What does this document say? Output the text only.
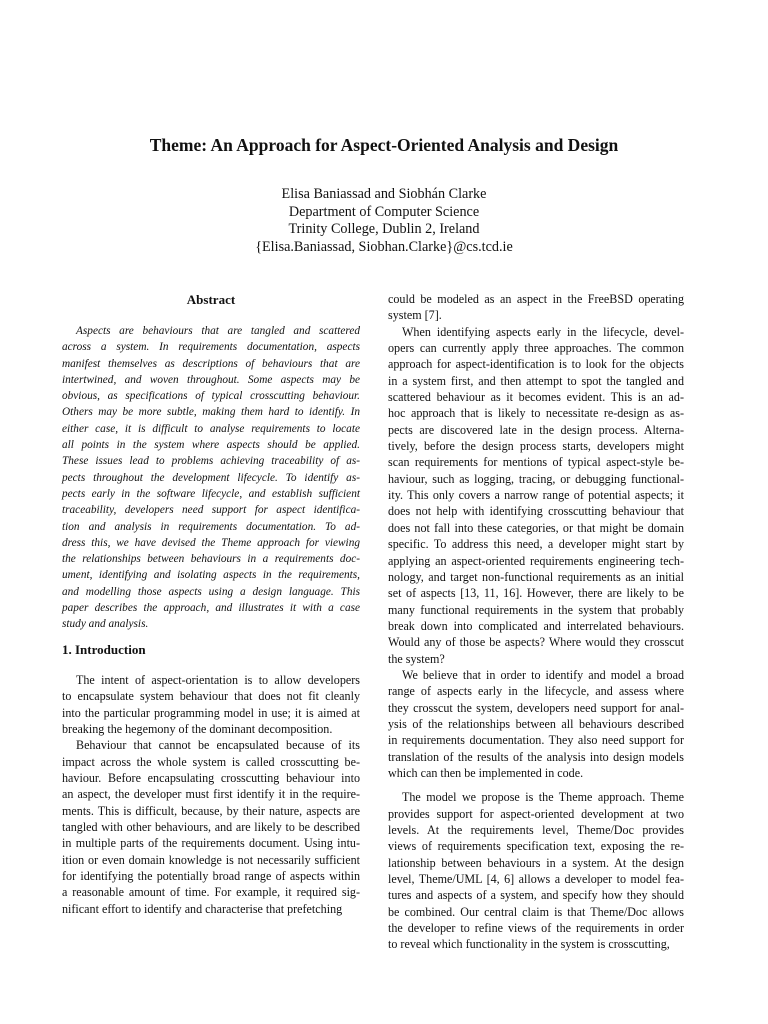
Theme: An Approach for Aspect-Oriented Analysis and Design
Elisa Baniassad and Siobhán Clarke
Department of Computer Science
Trinity College, Dublin 2, Ireland
{Elisa.Baniassad, Siobhan.Clarke}@cs.tcd.ie
Abstract
Aspects are behaviours that are tangled and scattered
across a system. In requirements documentation, aspects
manifest themselves as descriptions of behaviours that are
intertwined, and woven throughout. Some aspects may be
obvious, as specifications of typical crosscutting behaviour.
Others may be more subtle, making them hard to identify. In
either case, it is difficult to analyse requirements to locate
all points in the system where aspects should be applied.
These issues lead to problems achieving traceability of as-
pects throughout the development lifecycle. To identify as-
pects early in the software lifecycle, and establish sufficient
traceability, developers need support for aspect identifica-
tion and analysis in requirements documentation. To ad-
dress this, we have devised the Theme approach for viewing
the relationships between behaviours in a requirements doc-
ument, identifying and isolating aspects in the requirements,
and modelling those aspects using a design language. This
paper describes the approach, and illustrates it with a case
study and analysis.
1. Introduction
The intent of aspect-orientation is to allow developers
to encapsulate system behaviour that does not fit cleanly
into the particular programming model in use; it is aimed at
breaking the hegemony of the dominant decomposition.
Behaviour that cannot be encapsulated because of its
impact across the whole system is called crosscutting be-
haviour. Before encapsulating crosscutting behaviour into
an aspect, the developer must first identify it in the require-
ments. This is difficult, because, by their nature, aspects are
tangled with other behaviours, and are likely to be described
in multiple parts of the requirements document. Using intu-
ition or even domain knowledge is not necessarily sufficient
for identifying the potentially broad range of aspects within
a reasonable amount of time. For example, it required sig-
nificant effort to identify and characterise that prefetching
could be modeled as an aspect in the FreeBSD operating
system [7].
When identifying aspects early in the lifecycle, devel-
opers can currently apply three approaches. The common
approach for aspect-identification is to look for the objects
in a system first, and then attempt to spot the tangled and
scattered behaviour as it becomes evident. This is an ad-
hoc approach that is likely to necessitate re-design as as-
pects are discovered late in the design process. Alterna-
tively, before the design process starts, developers might
scan requirements for mentions of typical aspect-style be-
haviour, such as logging, tracing, or debugging functional-
ity. This only covers a narrow range of potential aspects; it
does not help with identifying crosscutting behaviour that
does not fall into these categories, or that might be domain
specific. To address this need, a developer might start by
applying an aspect-oriented requirements engineering tech-
nology, and target non-functional requirements as an initial
set of aspects [13, 11, 16]. However, there are likely to be
many functional requirements in the system that probably
break down into complicated and interrelated behaviours.
Would any of those be aspects? Where would they crosscut
the system?
We believe that in order to identify and model a broad
range of aspects early in the lifecycle, and assess where
they crosscut the system, developers need support for anal-
ysis of the relationships between all behaviours described
in requirements documentation. They also need support for
translation of the results of the analysis into design models
which can then be implemented in code.
The model we propose is the Theme approach. Theme
provides support for aspect-oriented development at two
levels. At the requirements level, Theme/Doc provides
views of requirements specification text, exposing the re-
lationship between behaviours in a system. At the design
level, Theme/UML [4, 6] allows a developer to model fea-
tures and aspects of a system, and specify how they should
be combined. Our central claim is that Theme/Doc allows
the developer to refine views of the requirements in order
to reveal which functionality in the system is crosscutting,
